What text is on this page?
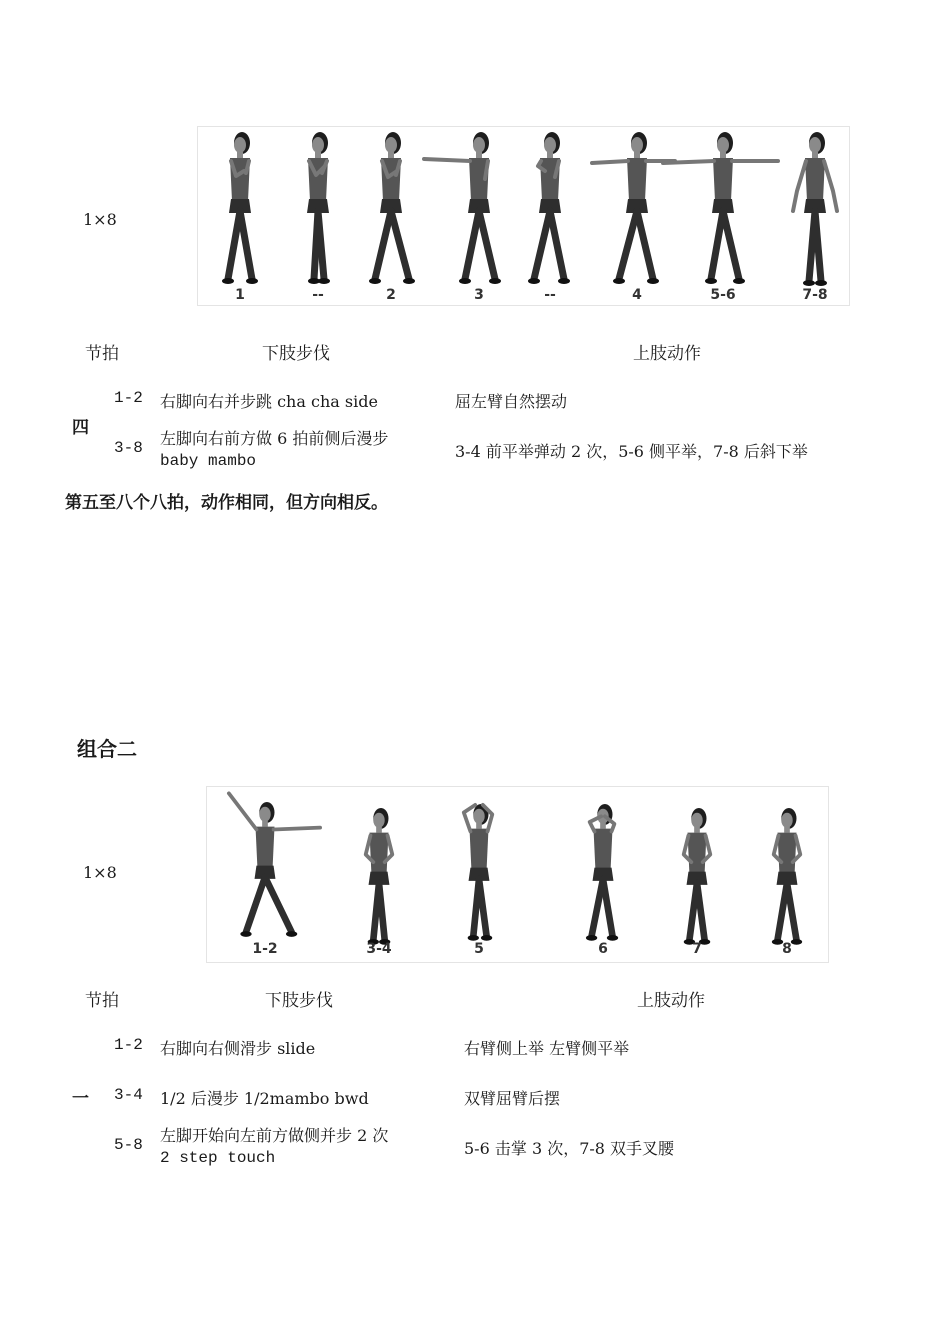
1×8
1	--	2	3	--	4	5-6	7-8
节拍	下肢步伐	上肢动作
1-2 右脚向右并步跳 cha cha side	屈左臂自然摆动
四
3-8 左脚向右前方做 6 拍前侧后漫步
baby mambo	3-4 前平举弹动 2 次，5-6 侧平举，7-8 后斜下举
第五至八个八拍，动作相同，但方向相反。
组合二
1×8
1-2	3-4	5	6	7	8
节拍	下肢步伐	上肢动作
1-2 右脚向右侧滑步 slide	右臂侧上举 左臂侧平举
一 3-4 1/2 后漫步 1/2mambo bwd	双臂屈臂后摆
5-8 左脚开始向左前方做侧并步 2 次
2 step touch	5-6 击掌 3 次，7-8 双手叉腰
